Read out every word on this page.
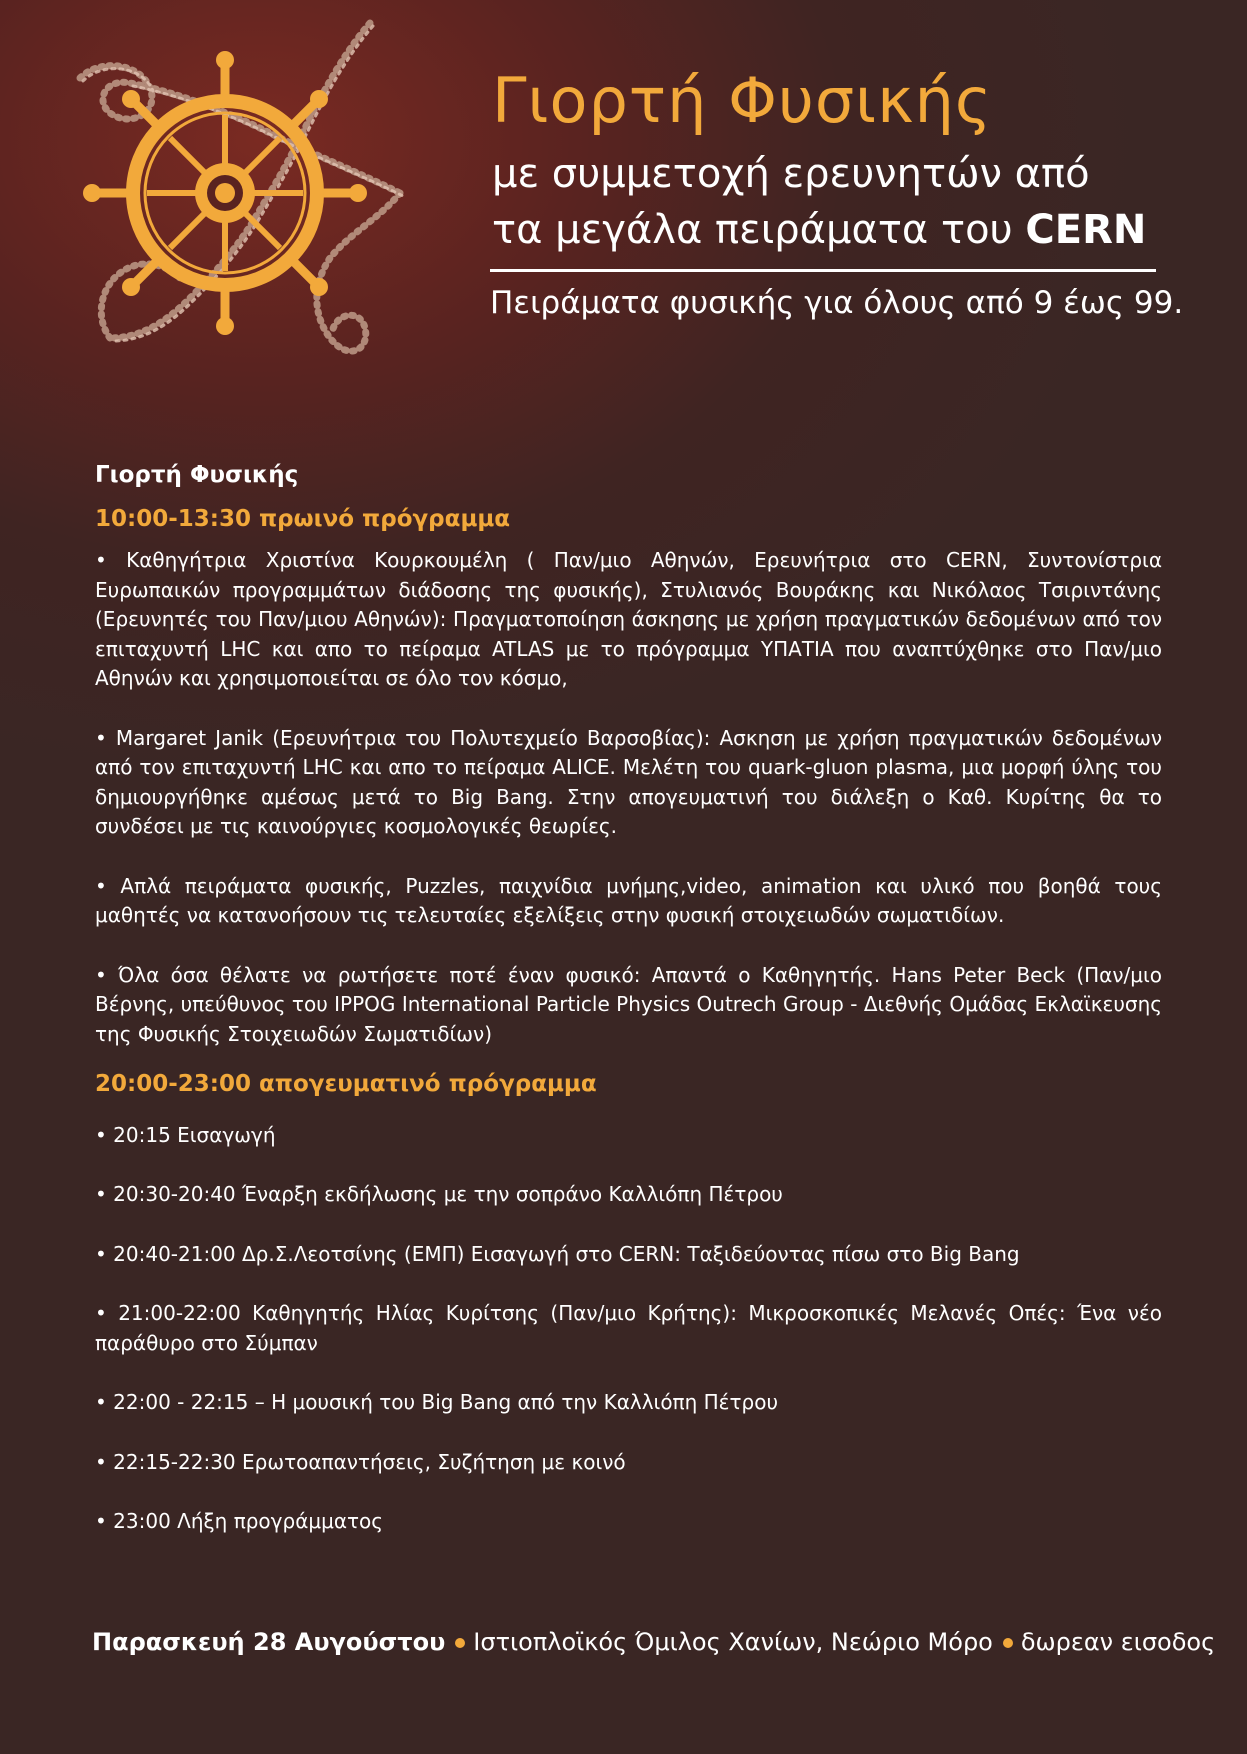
Γιορτή Φυσικής
με συμμετοχή ερευνητών από
τα μεγάλα πειράματα του CERN
Πειράματα φυσικής για όλους από 9 έως 99.
Γιορτή Φυσικής
10:00-13:30 πρωινό πρόγραμμα

• Καθηγήτρια Χριστίνα Κουρκουμέλη ( Παν/μιο Αθηνών, Ερευνήτρια στο CERN, Συντονίστρια Ευρωπαικών προγραμμάτων διάδοσης της φυσικής), Στυλιανός Βουράκης και Νικόλαος Τσιριντάνης (Ερευνητές του Παν/μιου Αθηνών): Πραγματοποίηση άσκησης με χρήση πραγματικών δεδομένων από τον επιταχυντή LHC και απο το πείραμα ATLAS με το πρόγραμμα ΥΠΑΤΙΑ που αναπτύχθηκε στο Παν/μιο Αθηνών και χρησιμοποιείται σε όλο τον κόσμο,

• Margaret Janik (Ερευνήτρια του Πολυτεχμείο Βαρσοβίας): Ασκηση με χρήση πραγματικών δεδομένων από τον επιταχυντή LHC και απο το πείραμα ALICE. Μελέτη του quark-gluon plasma, μια μορφή ύλης του δημιουργήθηκε αμέσως μετά το Big Bang. Στην απογευματινή του διάλεξη ο Καθ. Κυρίτης θα το συνδέσει με τις καινούργιες κοσμολογικές θεωρίες.

• Απλά πειράματα φυσικής, Puzzles, παιχνίδια μνήμης,video, animation και υλικό που βοηθά τους μαθητές να κατανοήσουν τις τελευταίες εξελίξεις στην φυσική στοιχειωδών σωματιδίων.

• Όλα όσα θέλατε να ρωτήσετε ποτέ έναν φυσικό: Απαντά ο Καθηγητής. Hans Peter Beck (Παν/μιο Βέρνης, υπεύθυνος του IPPOG International Particle Physics Outrech Group - Διεθνής Ομάδας Εκλαϊκευσης της Φυσικής Στοιχειωδών Σωματιδίων)

20:00-23:00 απογευματινό πρόγραμμα
• 20:15 Εισαγωγή
• 20:30-20:40 Έναρξη εκδήλωσης με την σοπράνο Καλλιόπη Πέτρου
• 20:40-21:00 Δρ.Σ.Λεοτσίνης (ΕΜΠ) Εισαγωγή στο CERN: Ταξιδεύοντας πίσω στο Big Bang
• 21:00-22:00 Καθηγητής Ηλίας Κυρίτσης (Παν/μιο Κρήτης): Μικροσκοπικές Μελανές Οπές: Ένα νέο παράθυρο στο Σύμπαν
• 22:00 - 22:15 – Η μουσική του Big Bang από την Καλλιόπη Πέτρου
• 22:15-22:30 Ερωτοαπαντήσεις, Συζήτηση με κοινό
• 23:00 Λήξη προγράμματος
Παρασκευή 28 Αυγούστου Ιστιοπλοϊκός Όμιλος Χανίων, Νεώριο Μόρο δωρεαν εισοδος
